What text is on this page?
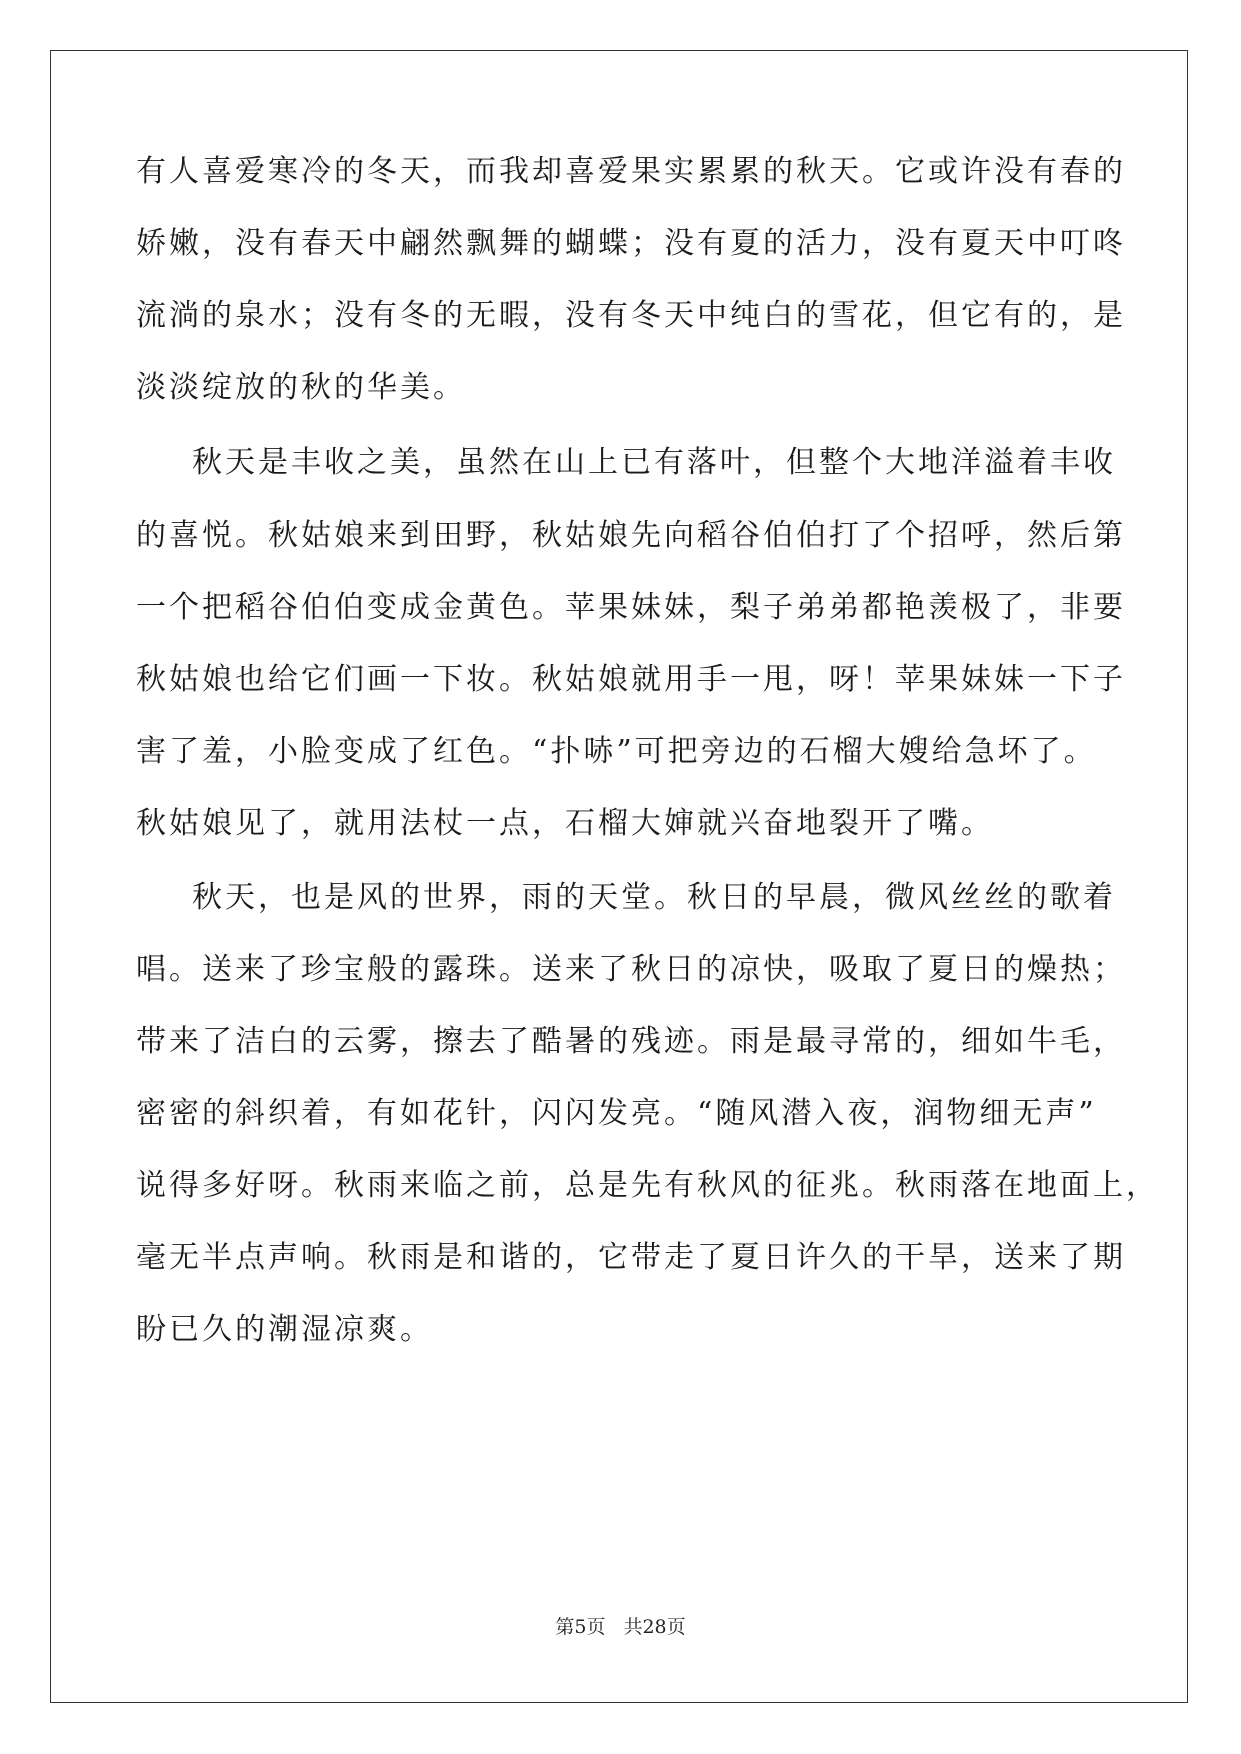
有人喜爱寒冷的冬天，而我却喜爱果实累累的秋天。它或许没有春的
娇嫩，没有春天中翩然飘舞的蝴蝶；没有夏的活力，没有夏天中叮咚
流淌的泉水；没有冬的无暇，没有冬天中纯白的雪花，但它有的，是
淡淡绽放的秋的华美。
秋天是丰收之美，虽然在山上已有落叶，但整个大地洋溢着丰收
的喜悦。秋姑娘来到田野，秋姑娘先向稻谷伯伯打了个招呼，然后第
一个把稻谷伯伯变成金黄色。苹果妹妹，梨子弟弟都艳羡极了，非要
秋姑娘也给它们画一下妆。秋姑娘就用手一甩，呀！苹果妹妹一下子
害了羞，小脸变成了红色。“扑哧”可把旁边的石榴大嫂给急坏了。
秋姑娘见了，就用法杖一点，石榴大婶就兴奋地裂开了嘴。
秋天，也是风的世界，雨的天堂。秋日的早晨，微风丝丝的歌着
唱。送来了珍宝般的露珠。送来了秋日的凉快，吸取了夏日的燥热；
带来了洁白的云雾，擦去了酷暑的残迹。雨是最寻常的，细如牛毛，
密密的斜织着，有如花针，闪闪发亮。“随风潜入夜，润物细无声”
说得多好呀。秋雨来临之前，总是先有秋风的征兆。秋雨落在地面上，
毫无半点声响。秋雨是和谐的，它带走了夏日许久的干旱，送来了期
盼已久的潮湿凉爽。
第5页 共28页
